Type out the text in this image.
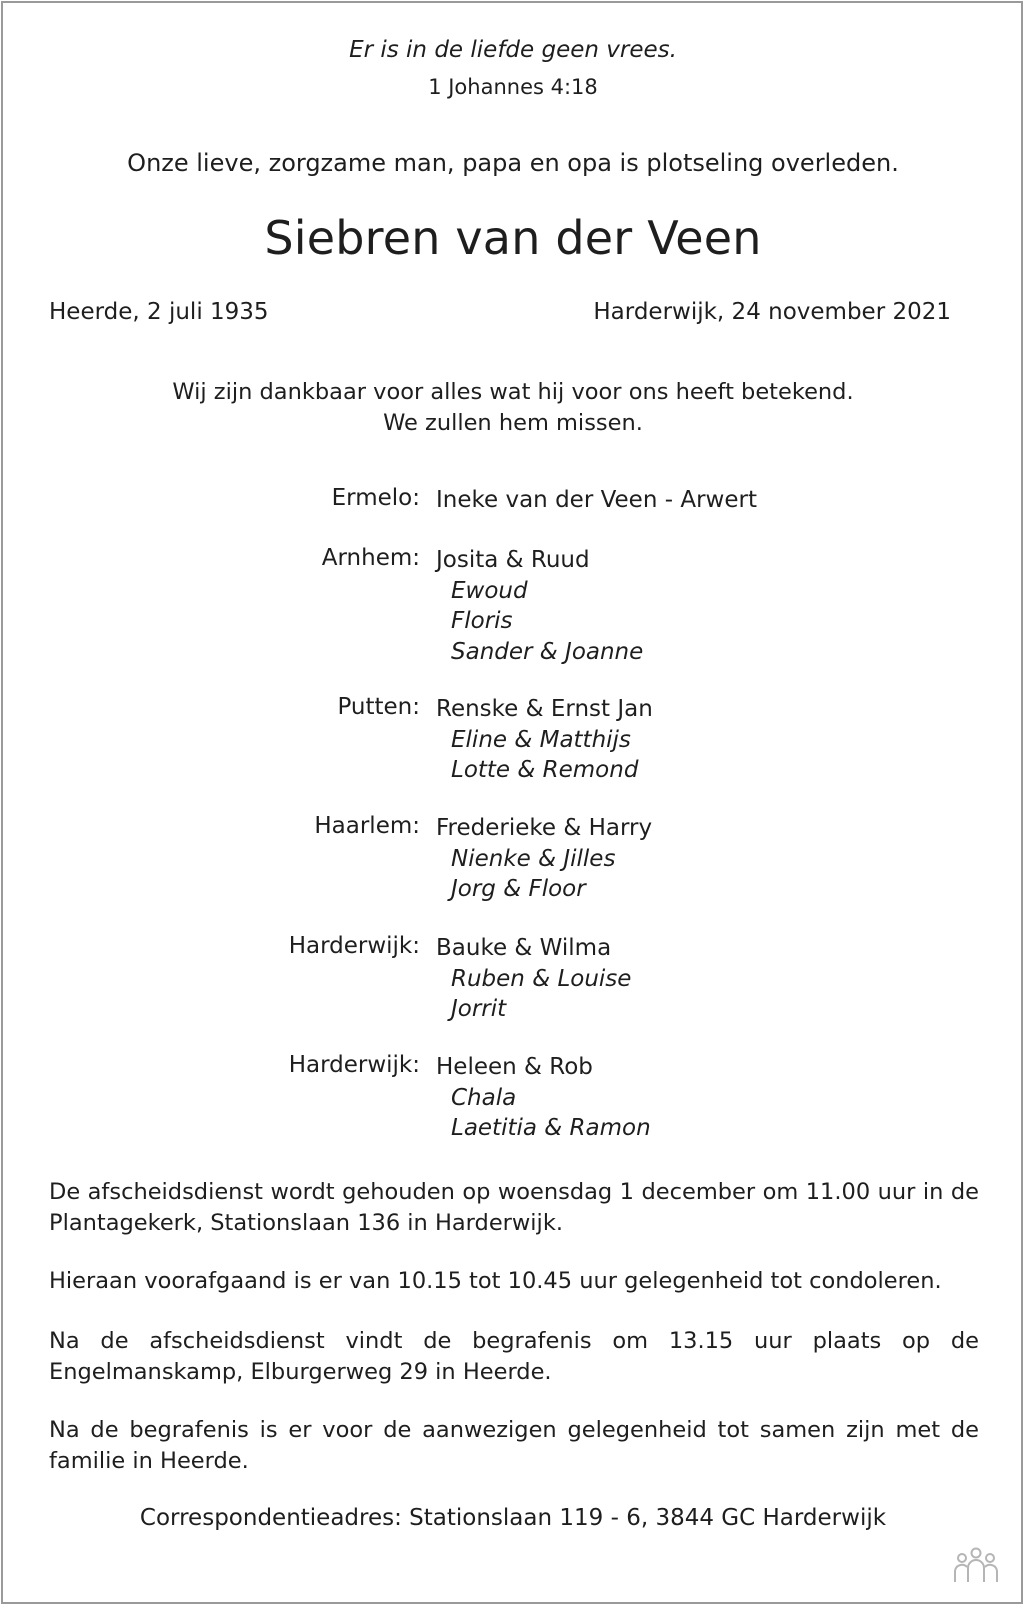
Er is in de liefde geen vrees.
1 Johannes 4:18
Onze lieve, zorgzame man, papa en opa is plotseling overleden.
Siebren van der Veen
Heerde, 2 juli 1935	Harderwijk, 24 november 2021
Wij zijn dankbaar voor alles wat hij voor ons heeft betekend.
We zullen hem missen.
Ermelo: Ineke van der Veen - Arwert
Arnhem: Josita & Ruud
Ewoud
Floris
Sander & Joanne
Putten: Renske & Ernst Jan
Eline & Matthijs
Lotte & Remond
Haarlem: Frederieke & Harry
Nienke & Jilles
Jorg & Floor
Harderwijk: Bauke & Wilma
Ruben & Louise
Jorrit
Harderwijk: Heleen & Rob
Chala
Laetitia & Ramon
De afscheidsdienst wordt gehouden op woensdag 1 december om 11.00 uur in de Plantagekerk, Stationslaan 136 in Harderwijk.
Hieraan voorafgaand is er van 10.15 tot 10.45 uur gelegenheid tot condoleren.
Na de afscheidsdienst vindt de begrafenis om 13.15 uur plaats op de Engelmanskamp, Elburgerweg 29 in Heerde.
Na de begrafenis is er voor de aanwezigen gelegenheid tot samen zijn met de familie in Heerde.
Correspondentieadres: Stationslaan 119 - 6, 3844 GC Harderwijk
